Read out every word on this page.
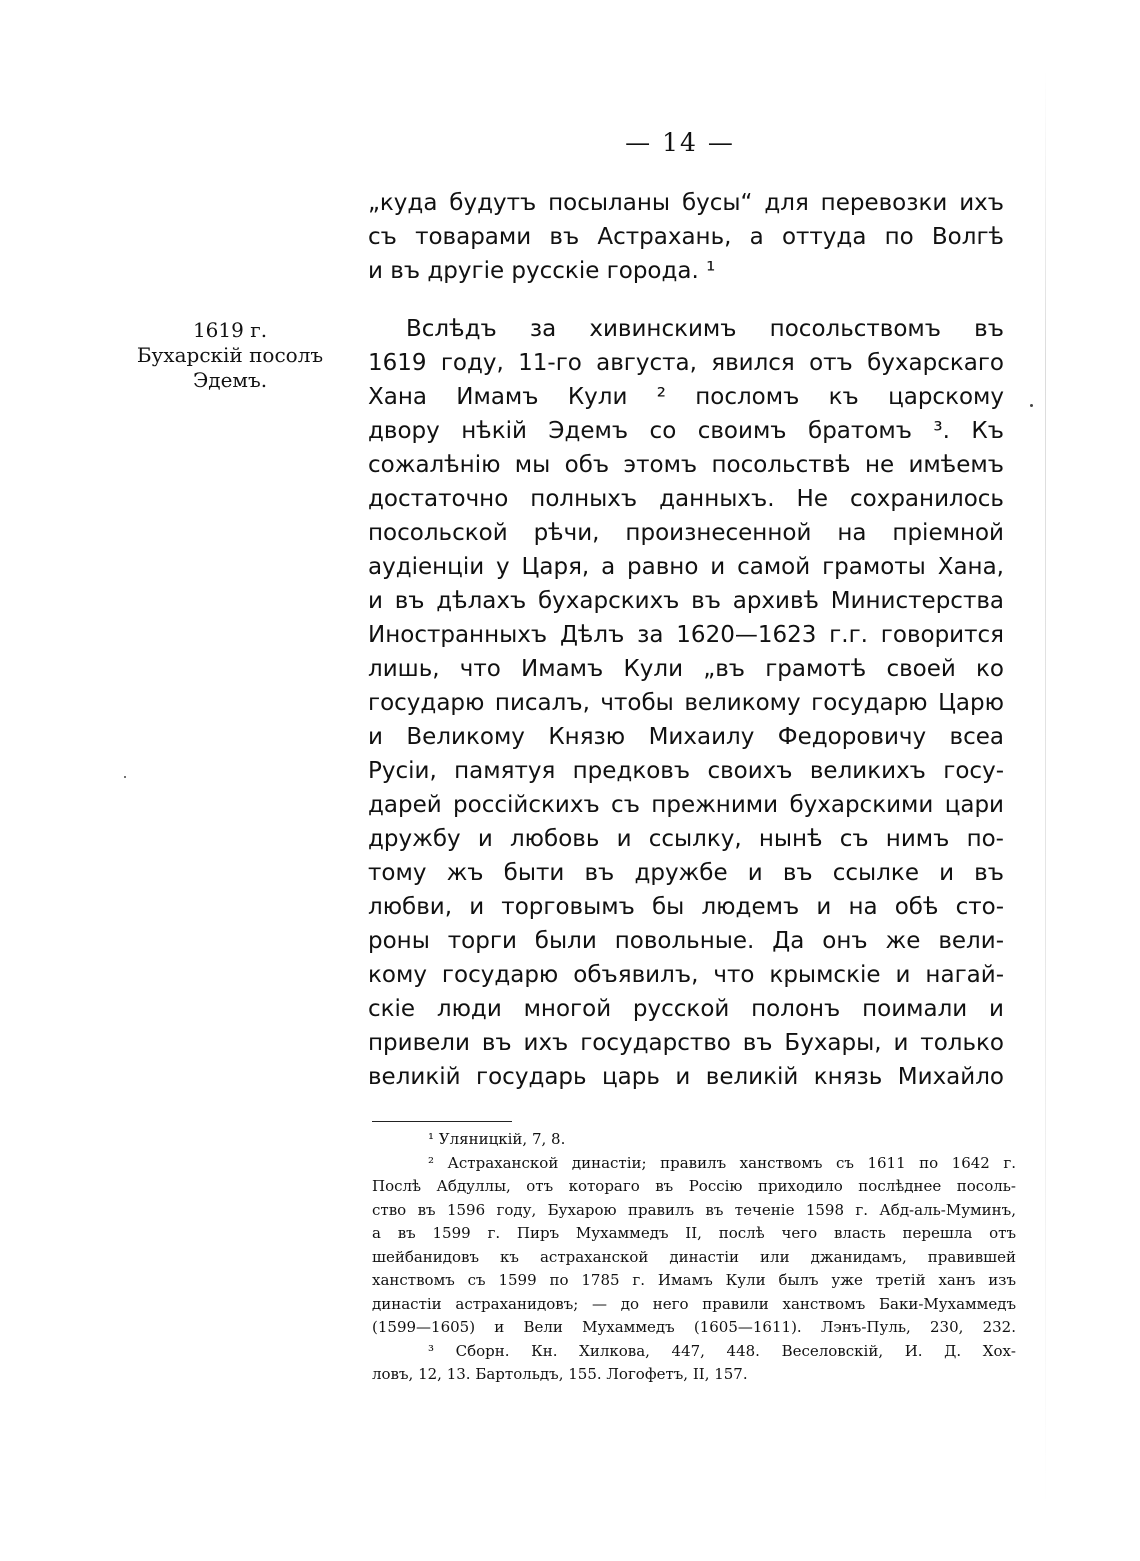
— 14 —
1619 г.
Бухарскій посолъ
Эдемъ.
„куда будутъ посыланы бусы“ для перевозки ихъ
съ товарами въ Астрахань, а оттуда по Волгѣ
и въ другіе русскіе города. ¹
Вслѣдъ за хивинскимъ посольствомъ въ
1619 году, 11-го августа, явился отъ бухарскаго
Хана Имамъ Кули ² посломъ къ царскому
двору нѣкій Эдемъ со своимъ братомъ ³. Къ
сожалѣнію мы объ этомъ посольствѣ не имѣемъ
достаточно полныхъ данныхъ. Не сохранилось
посольской рѣчи, произнесенной на пріемной
аудіенціи у Царя, а равно и самой грамоты Хана,
и въ дѣлахъ бухарскихъ въ архивѣ Министерства
Иностранныхъ Дѣлъ за 1620—1623 г.г. говорится
лишь, что Имамъ Кули „въ грамотѣ своей ко
государю писалъ, чтобы великому государю Царю
и Великому Князю Михаилу Федоровичу всеа
Русіи, памятуя предковъ своихъ великихъ госу-
дарей россійскихъ съ прежними бухарскими цари
дружбу и любовь и ссылку, нынѣ съ нимъ по-
тому жъ быти въ дружбе и въ ссылке и въ
любви, и торговымъ бы людемъ и на обѣ сто-
роны торги были повольные. Да онъ же вели-
кому государю объявилъ, что крымскіе и нагай-
скіе люди многой русской полонъ поимали и
привели въ ихъ государство въ Бухары, и только
великій государь царь и великій князь Михайло
¹ Уляницкій, 7, 8.
² Астраханской династіи; правилъ ханствомъ съ 1611 по 1642 г.
Послѣ Абдуллы, отъ котораго въ Россію приходило послѣднее посоль-
ство въ 1596 году, Бухарою правилъ въ теченіе 1598 г. Абд-аль-Муминъ,
а въ 1599 г. Пиръ Мухаммедъ II, послѣ чего власть перешла отъ
шейбанидовъ къ астраханской династіи или джанидамъ, правившей
ханствомъ съ 1599 по 1785 г. Имамъ Кули былъ уже третій ханъ изъ
династіи астраханидовъ; — до него правили ханствомъ Баки-Мухаммедъ
(1599—1605) и Вели Мухаммедъ (1605—1611). Лэнъ-Пуль, 230, 232.
³ Сборн. Кн. Хилкова, 447, 448. Веселовскій, И. Д. Хох-
ловъ, 12, 13. Бартольдъ, 155. Логофетъ, II, 157.
